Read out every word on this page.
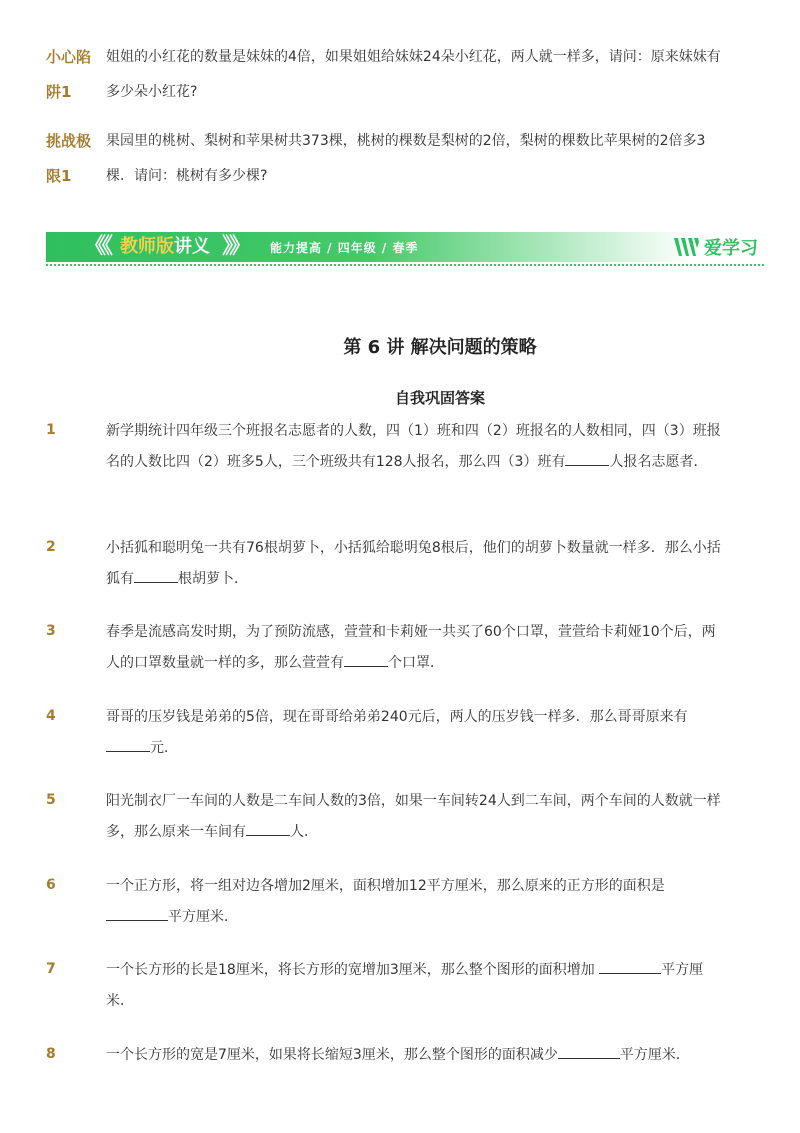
小心陷阱1
姐姐的小红花的数量是妹妹的4倍，如果姐姐给妹妹24朵小红花，两人就一样多，请问：原来妹妹有多少朵小红花?
挑战极限1
果园里的桃树、梨树和苹果树共373棵，桃树的棵数是梨树的2倍，梨树的棵数比苹果树的2倍多3棵．请问：桃树有多少棵?
《《 教师版讲义 》》 能力提高 / 四年级 / 春季	爱学习
第 6 讲 解决问题的策略
自我巩固答案
1	新学期统计四年级三个班报名志愿者的人数，四（1）班和四（2）班报名的人数相同，四（3）班报名的人数比四（2）班多5人，三个班级共有128人报名，那么四（3）班有	人报名志愿者．
2	小括狐和聪明兔一共有76根胡萝卜，小括狐给聪明兔8根后，他们的胡萝卜数量就一样多．那么小括狐有	根胡萝卜．
3	春季是流感高发时期，为了预防流感，萱萱和卡莉娅一共买了60个口罩，萱萱给卡莉娅10个后，两人的口罩数量就一样的多，那么萱萱有	个口罩．
4	哥哥的压岁钱是弟弟的5倍，现在哥哥给弟弟240元后，两人的压岁钱一样多．那么哥哥原来有元．
5	阳光制衣厂一车间的人数是二车间人数的3倍，如果一车间转24人到二车间，两个车间的人数就一样多，那么原来一车间有	人．
6	一个正方形，将一组对边各增加2厘米，面积增加12平方厘米，那么原来的正方形的面积是平方厘米．
7	一个长方形的长是18厘米，将长方形的宽增加3厘米，那么整个图形的面积增加	平方厘米．
8	一个长方形的宽是7厘米，如果将长缩短3厘米，那么整个图形的面积减少	平方厘米．
